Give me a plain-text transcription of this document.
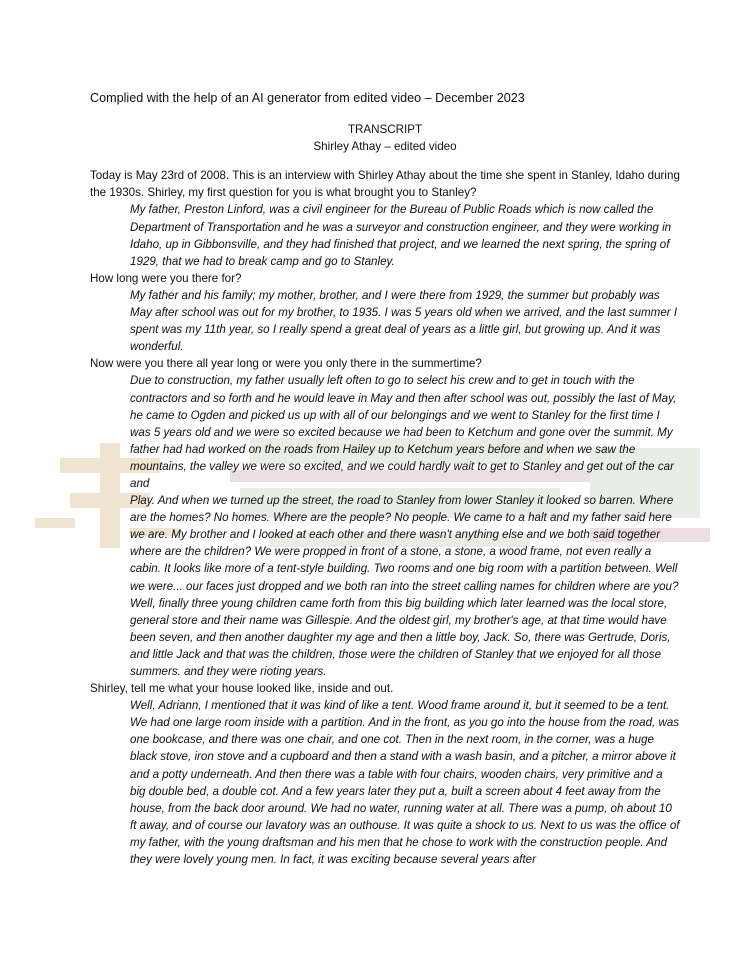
Complied with the help of an AI generator from edited video – December 2023

TRANSCRIPT

Shirley Athay – edited video

Today is May 23rd of 2008. This is an interview with Shirley Athay about the time she spent in Stanley, Idaho during the 1930s. Shirley, my first question for you is what brought you to Stanley?

My father, Preston Linford, was a civil engineer for the Bureau of Public Roads which is now called the Department of Transportation and he was a surveyor and construction engineer, and they were working in Idaho, up in Gibbonsville, and they had finished that project, and we learned the next spring, the spring of 1929, that we had to break camp and go to Stanley.

How long were you there for?

My father and his family; my mother, brother, and I were there from 1929, the summer but probably was May after school was out for my brother, to 1935. I was 5 years old when we arrived, and the last summer I spent was my 11th year, so I really spend a great deal of years as a little girl, but growing up. And it was wonderful.

Now were you there all year long or were you only there in the summertime?

Due to construction, my father usually left often to go to select his crew and to get in touch with the contractors and so forth and he would leave in May and then after school was out, possibly the last of May, he came to Ogden and picked us up with all of our belongings and we went to Stanley for the first time I was 5 years old and we were so excited because we had been to Ketchum and gone over the summit. My father had had worked on the roads from Hailey up to Ketchum years before and when we saw the mountains, the valley we were so excited, and we could hardly wait to get to Stanley and get out of the car and

Play. And when we turned up the street, the road to Stanley from lower Stanley it looked so barren. Where are the homes? No homes. Where are the people? No people. We came to a halt and my father said here we are. My brother and I looked at each other and there wasn't anything else and we both said together where are the children? We were propped in front of a stone, a stone, a wood frame, not even really a cabin. It looks like more of a tent-style building. Two rooms and one big room with a partition between. Well we were... our faces just dropped and we both ran into the street calling names for children where are you? Well, finally three young children came forth from this big building which later learned was the local store, general store and their name was Gillespie. And the oldest girl, my brother's age, at that time would have been seven, and then another daughter my age and then a little boy, Jack. So, there was Gertrude, Doris, and little Jack and that was the children, those were the children of Stanley that we enjoyed for all those summers. and they were rioting years.

Shirley, tell me what your house looked like, inside and out.

Well, Adriann, I mentioned that it was kind of like a tent. Wood frame around it, but it seemed to be a tent. We had one large room inside with a partition. And in the front, as you go into the house from the road, was one bookcase, and there was one chair, and one cot. Then in the next room, in the corner, was a huge black stove, iron stove and a cupboard and then a stand with a wash basin, and a pitcher, a mirror above it and a potty underneath. And then there was a table with four chairs, wooden chairs, very primitive and a big double bed, a double cot. And a few years later they put a, built a screen about 4 feet away from the house, from the back door around. We had no water, running water at all. There was a pump, oh about 10 ft away, and of course our lavatory was an outhouse. It was quite a shock to us. Next to us was the office of my father, with the young draftsman and his men that he chose to work with the construction people. And they were lovely young men. In fact, it was exciting because several years after
